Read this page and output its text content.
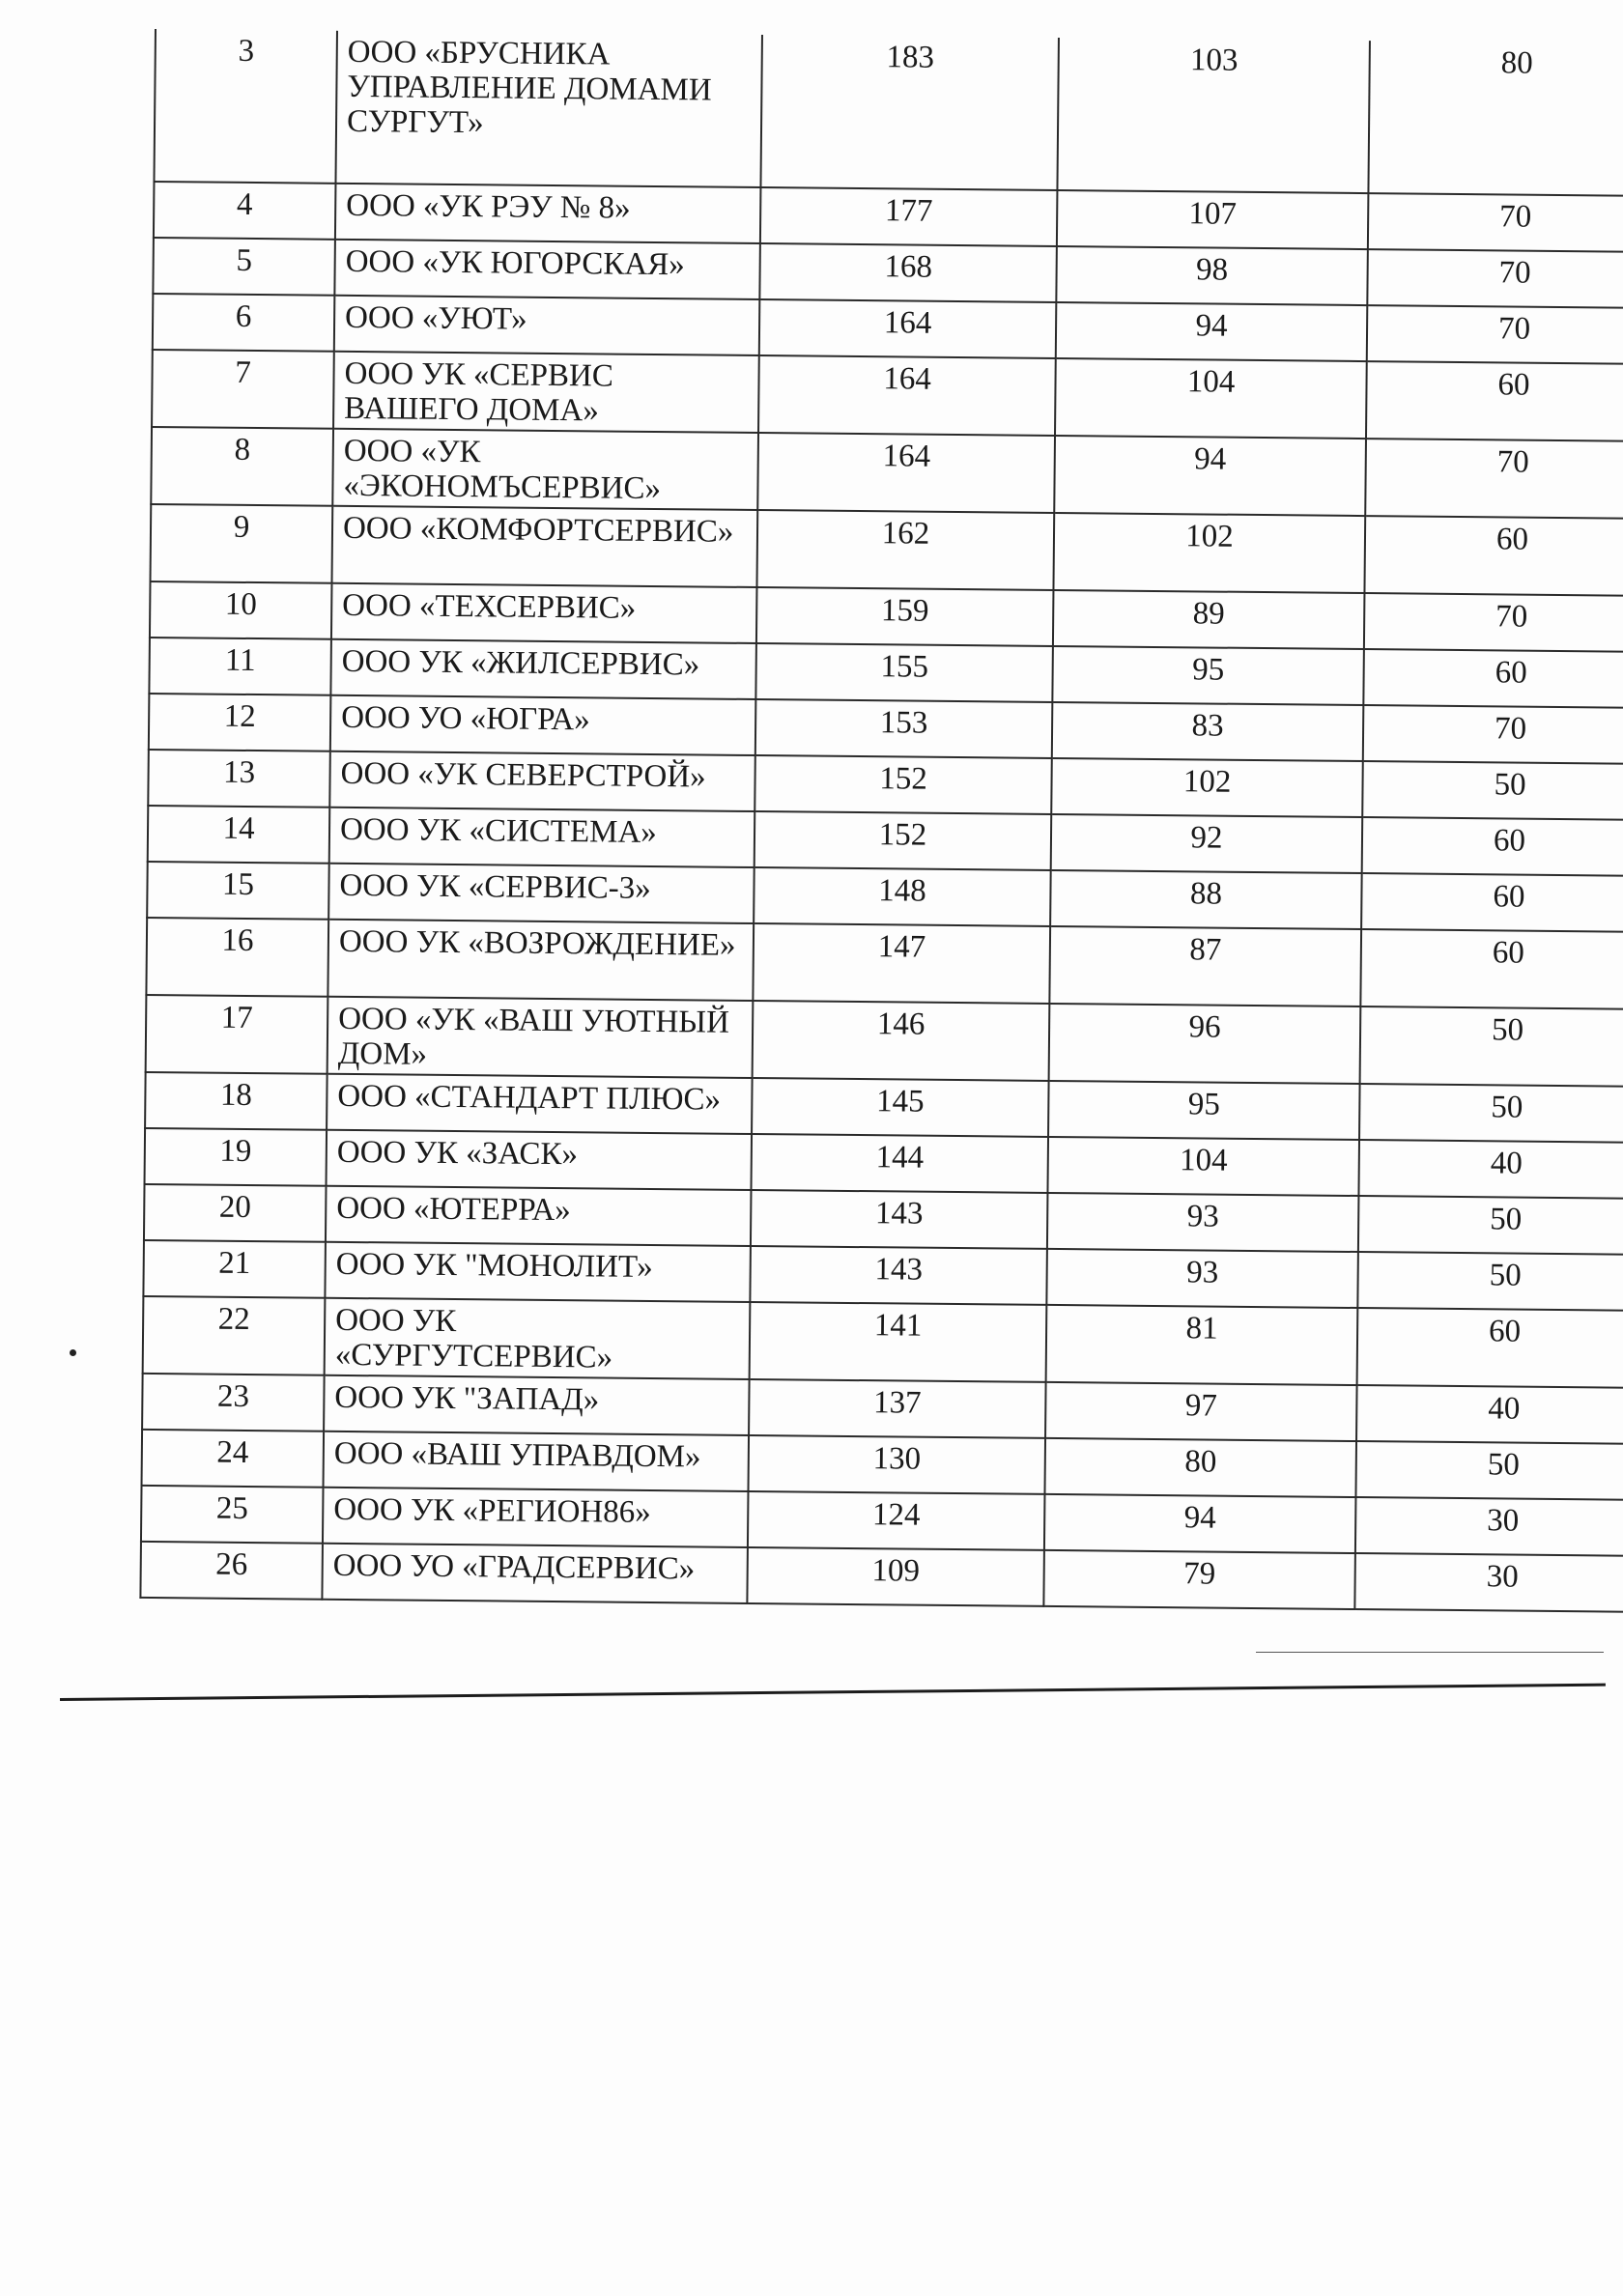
3	ООО «БРУСНИКА УПРАВЛЕНИЕ ДОМАМИ СУРГУТ»	183	103	80
4	ООО «УК РЭУ № 8»	177	107	70
5	ООО «УК ЮГОРСКАЯ»	168	98	70
6	ООО «УЮТ»	164	94	70
7	ООО УК «СЕРВИС ВАШЕГО ДОМА»	164	104	60
8	ООО «УК «ЭКОНОМЪСЕРВИС»	164	94	70
9	ООО «КОМФОРТСЕРВИС»	162	102	60
10	ООО «ТЕХСЕРВИС»	159	89	70
11	ООО УК «ЖИЛСЕРВИС»	155	95	60
12	ООО УО «ЮГРА»	153	83	70
13	ООО «УК СЕВЕРСТРОЙ»	152	102	50
14	ООО УК «СИСТЕМА»	152	92	60
15	ООО УК «СЕРВИС-3»	148	88	60
16	ООО УК «ВОЗРОЖДЕНИЕ»	147	87	60
17	ООО «УК «ВАШ УЮТНЫЙ ДОМ»	146	96	50
18	ООО «СТАНДАРТ ПЛЮС»	145	95	50
19	ООО УК «ЗАСК»	144	104	40
20	ООО «ЮТЕРРА»	143	93	50
21	ООО УК "МОНОЛИТ»	143	93	50
22	ООО УК «СУРГУТСЕРВИС»	141	81	60
23	ООО УК "ЗАПАД»	137	97	40
24	ООО «ВАШ УПРАВДОМ»	130	80	50
25	ООО УК «РЕГИОН86»	124	94	30
26	ООО УО «ГРАДСЕРВИС»	109	79	30
